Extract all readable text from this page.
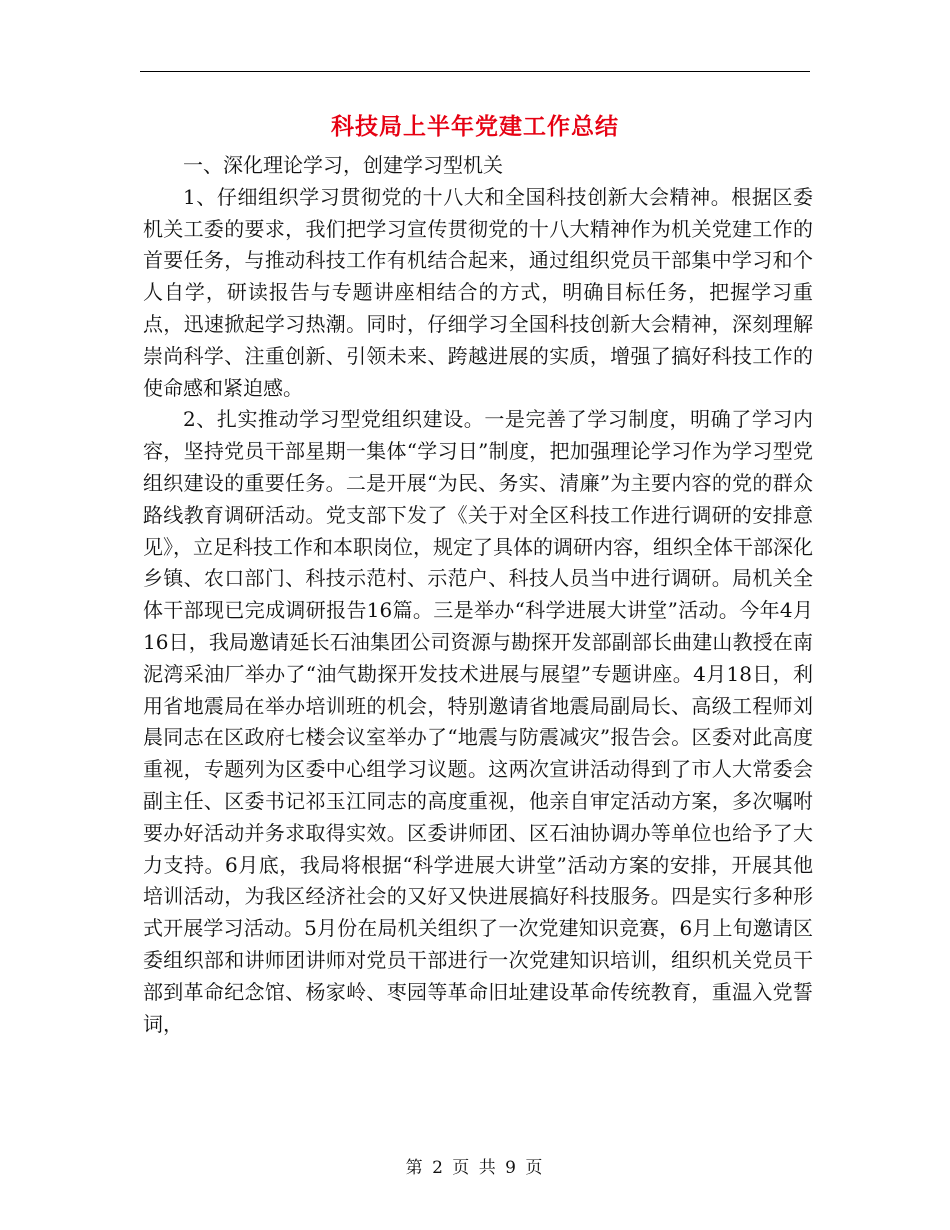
科技局上半年党建工作总结

一、深化理论学习，创建学习型机关

1、仔细组织学习贯彻党的十八大和全国科技创新大会精神。根据区委机关工委的要求，我们把学习宣传贯彻党的十八大精神作为机关党建工作的首要任务，与推动科技工作有机结合起来，通过组织党员干部集中学习和个人自学，研读报告与专题讲座相结合的方式，明确目标任务，把握学习重点，迅速掀起学习热潮。同时，仔细学习全国科技创新大会精神，深刻理解崇尚科学、注重创新、引领未来、跨越进展的实质，增强了搞好科技工作的使命感和紧迫感。

2、扎实推动学习型党组织建设。一是完善了学习制度，明确了学习内容，坚持党员干部星期一集体“学习日”制度，把加强理论学习作为学习型党组织建设的重要任务。二是开展“为民、务实、清廉”为主要内容的党的群众路线教育调研活动。党支部下发了《关于对全区科技工作进行调研的安排意见》，立足科技工作和本职岗位，规定了具体的调研内容，组织全体干部深化乡镇、农口部门、科技示范村、示范户、科技人员当中进行调研。局机关全体干部现已完成调研报告16篇。三是举办“科学进展大讲堂”活动。今年4月16日，我局邀请延长石油集团公司资源与勘探开发部副部长曲建山教授在南泥湾采油厂举办了“油气勘探开发技术进展与展望”专题讲座。4月18日，利用省地震局在举办培训班的机会，特别邀请省地震局副局长、高级工程师刘晨同志在区政府七楼会议室举办了“地震与防震减灾”报告会。区委对此高度重视，专题列为区委中心组学习议题。这两次宣讲活动得到了市人大常委会副主任、区委书记祁玉江同志的高度重视，他亲自审定活动方案，多次嘱咐要办好活动并务求取得实效。区委讲师团、区石油协调办等单位也给予了大力支持。6月底，我局将根据“科学进展大讲堂”活动方案的安排，开展其他培训活动，为我区经济社会的又好又快进展搞好科技服务。四是实行多种形式开展学习活动。5月份在局机关组织了一次党建知识竞赛，6月上旬邀请区委组织部和讲师团讲师对党员干部进行一次党建知识培训，组织机关党员干部到革命纪念馆、杨家岭、枣园等革命旧址建设革命传统教育，重温入党誓词，

第 2 页 共 9 页
